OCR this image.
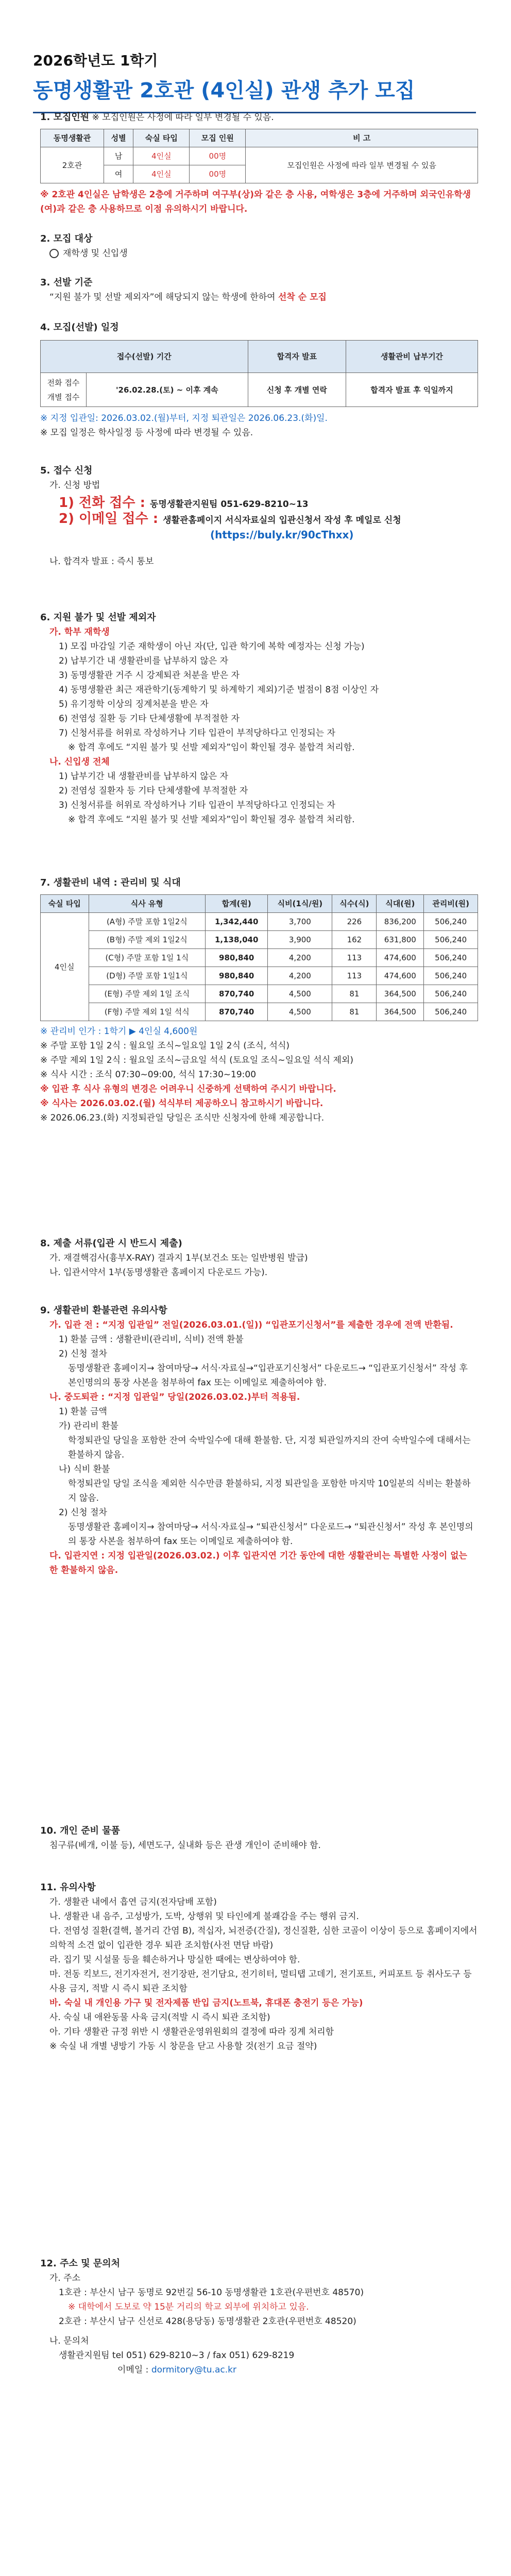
2026학년도 1학기
동명생활관 2호관 (4인실) 관생 추가 모집
1. 모집인원 ※ 모집인원은 사정에 따라 일부 변경될 수 있음.
동명생활관	성별	숙실 타입	모집 인원	비 고
2호관	남	4인실	00명	모집인원은 사정에 따라 일부 변경될 수 있음
	여	4인실	00명	
※ 2호관 4인실은 남학생은 2층에 거주하며 여구부(상)와 같은 층 사용, 여학생은 3층에 거주하며 외국인유학생(여)과 같은 층 사용하므로 이점 유의하시기 바랍니다.
2. 모집 대상
재학생 및 신입생
3. 선발 기준
“지원 불가 및 선발 제외자”에 해당되지 않는 학생에 한하여 선착 순 모집
4. 모집(선발) 일정
접수(선발) 기간		합격자 발표	생활관비 납부기간
전화 접수
개별 접수	'26.02.28.(토) ~ 이후 계속	신청 후 개별 연락	합격자 발표 후 익일까지
※ 지정 입관일: 2026.03.02.(월)부터, 지정 퇴관일은 2026.06.23.(화)일.
※ 모집 일정은 학사일정 등 사정에 따라 변경될 수 있음.
5. 접수 신청
가. 신청 방법
1) 전화 접수 : 동명생활관지원팀 051-629-8210~13
2) 이메일 접수 : 생활관홈페이지 서식자료실의 입관신청서 작성 후 메일로 신청
(https://buly.kr/90cThxx)
나. 합격자 발표 : 즉시 통보
6. 지원 불가 및 선발 제외자
가. 학부 재학생
1) 모집 마감일 기준 재학생이 아닌 자(단, 입관 학기에 복학 예정자는 신청 가능)
2) 납부기간 내 생활관비를 납부하지 않은 자
3) 동명생활관 거주 시 강제퇴관 처분을 받은 자
4) 동명생활관 최근 재관학기(동계학기 및 하계학기 제외)기준 벌점이 8점 이상인 자
5) 유기정학 이상의 징계처분을 받은 자
6) 전염성 질환 등 기타 단체생활에 부적절한 자
7) 신청서류를 허위로 작성하거나 기타 입관이 부적당하다고 인정되는 자
※ 합격 후에도 “지원 불가 및 선발 제외자”임이 확인될 경우 불합격 처리함.
나. 신입생 전체
1) 납부기간 내 생활관비를 납부하지 않은 자
2) 전염성 질환자 등 기타 단체생활에 부적절한 자
3) 신청서류를 허위로 작성하거나 기타 입관이 부적당하다고 인정되는 자
※ 합격 후에도 “지원 불가 및 선발 제외자”임이 확인될 경우 불합격 처리함.
7. 생활관비 내역 : 관리비 및 식대
숙실 타입	식사 유형	합계(원)	식비(1식/원)	식수(식)	식대(원)	관리비(원)
4인실	(A형) 주말 포함 1일2식	1,342,440	3,700	226	836,200	506,240
	(B형) 주말 제외 1일2식	1,138,040	3,900	162	631,800	506,240
	(C형) 주말 포함 1일 1식	980,840	4,200	113	474,600	506,240
	(D형) 주말 포함 1일1식	980,840	4,200	113	474,600	506,240
	(E형) 주말 제외 1일 조식	870,740	4,500	81	364,500	506,240
	(F형) 주말 제외 1일 석식	870,740	4,500	81	364,500	506,240
※ 관리비 인가 : 1학기 ▶ 4인실 4,600원
※ 주말 포함 1일 2식 : 월요일 조식~일요일 1일 2식 (조식, 석식)
※ 주말 제외 1일 2식 : 월요일 조식~금요일 석식 (토요일 조식~일요일 석식 제외)
※ 식사 시간 : 조식 07:30~09:00, 석식 17:30~19:00
※ 입관 후 식사 유형의 변경은 어려우니 신중하게 선택하여 주시기 바랍니다.
※ 식사는 2026.03.02.(월) 석식부터 제공하오니 참고하시기 바랍니다.
※ 2026.06.23.(화) 지정퇴관일 당일은 조식만 신청자에 한해 제공합니다.
8. 제출 서류(입관 시 반드시 제출)
가. 재결핵검사(흉부X-RAY) 결과지 1부(보건소 또는 일반병원 발급)
나. 입관서약서 1부(동명생활관 홈페이지 다운로드 가능).
9. 생활관비 환불관련 유의사항
가. 입관 전 : “지정 입관일” 전일(2026.03.01.(일)) “입관포기신청서”를 제출한 경우에 전액 반환됨.
1) 환불 금액 : 생활관비(관리비, 식비) 전액 환불
2) 신청 절차
동명생활관 홈페이지→ 참여마당→ 서식·자료실→“입관포기신청서” 다운로드→ “입관포기신청서” 작성 후 본인명의의 통장 사본을 첨부하여 fax 또는 이메일로 제출하여야 함.
나. 중도퇴관 : “지정 입관일” 당일(2026.03.02.)부터 적용됨.
1) 환불 금액
가) 관리비 환불
학정퇴관일 당일을 포함한 잔여 숙박일수에 대해 환불함. 단, 지정 퇴관일까지의 잔여 숙박일수에 대해서는 환불하지 않음.
나) 식비 환불
학정퇴관일 당일 조식을 제외한 식수만큼 환불하되, 지정 퇴관일을 포함한 마지막 10일분의 식비는 환불하지 않음.
2) 신청 절차
동명생활관 홈페이지→ 참여마당→ 서식·자료실→ “퇴관신청서” 다운로드→ “퇴관신청서” 작성 후 본인명의의 통장 사본을 첨부하여 fax 또는 이메일로 제출하여야 함.
다. 입관지연 : 지정 입관일(2026.03.02.) 이후 입관지연 기간 동안에 대한 생활관비는 특별한 사정이 없는 한 환불하지 않음.
10. 개인 준비 물품
침구류(베개, 이불 등), 세면도구, 실내화 등은 관생 개인이 준비해야 함.
11. 유의사항
가. 생활관 내에서 흡연 금지(전자담배 포함)
나. 생활관 내 음주, 고성방가, 도박, 상행위 및 타인에게 불쾌감을 주는 행위 금지.
다. 전염성 질환(결핵, 볼거리 간염 B), 적십자, 뇌전증(간질), 정신질환, 심한 코골이 이상이 등으로 홈페이지에서 의학적 소견 없이 입관한 경우 퇴관 조치함(사전 면담 바람)
라. 집기 및 시설물 등을 훼손하거나 망실한 때에는 변상하여야 함.
마. 전동 킥보드, 전기자전거, 전기장판, 전기담요, 전기히터, 멀티탭 고데기, 전기포트, 커피포트 등 취사도구 등 사용 금지, 적발 시 즉시 퇴관 조치함
바. 숙실 내 개인용 가구 및 전자제품 반입 금지(노트북, 휴대폰 충전기 등은 가능)
사. 숙실 내 애완동물 사육 금지(적발 시 즉시 퇴관 조치함)
아. 기타 생활관 규정 위반 시 생활관운영위원회의 결정에 따라 징계 처리함
※ 숙실 내 개별 냉방기 가동 시 창문을 닫고 사용할 것(전기 요금 절약)
12. 주소 및 문의처
가. 주소
1호관 : 부산시 남구 동명로 92번길 56-10 동명생활관 1호관(우편번호 48570)
※ 대학에서 도보로 약 15분 거리의 학교 외부에 위치하고 있음.
2호관 : 부산시 남구 신선로 428(용당동) 동명생활관 2호관(우편번호 48520)
나. 문의처
생활관지원팀 tel 051) 629-8210~3 / fax 051) 629-8219
이메일 : dormitory@tu.ac.kr
